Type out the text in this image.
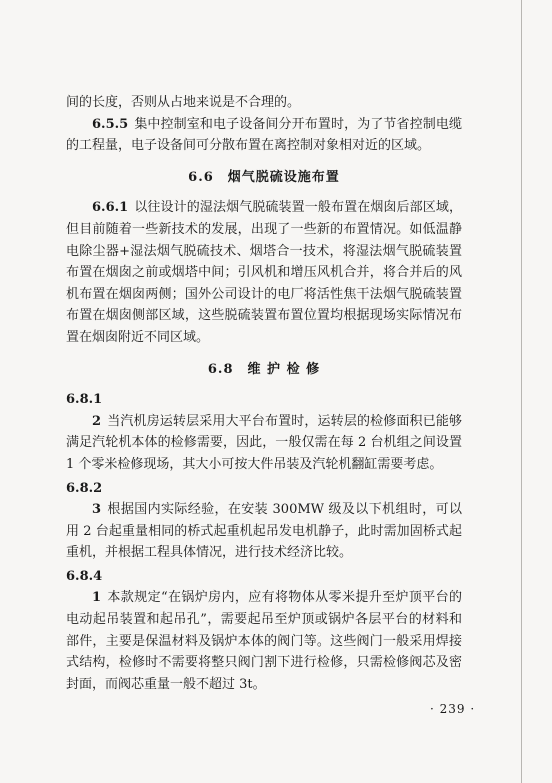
间的长度，否则从占地来说是不合理的。

6.5.5 集中控制室和电子设备间分开布置时，为了节省控制电缆的工程量，电子设备间可分散布置在离控制对象相对近的区域。

6.6 烟气脱硫设施布置

6.6.1 以往设计的湿法烟气脱硫装置一般布置在烟囱后部区域，但目前随着一些新技术的发展，出现了一些新的布置情况。如低温静电除尘器+湿法烟气脱硫技术、烟塔合一技术，将湿法烟气脱硫装置布置在烟囱之前或烟塔中间；引风机和增压风机合并，将合并后的风机布置在烟囱两侧；国外公司设计的电厂将活性焦干法烟气脱硫装置布置在烟囱侧部区域，这些脱硫装置布置位置均根据现场实际情况布置在烟囱附近不同区域。

6.8 维 护 检 修

6.8.1

2 当汽机房运转层采用大平台布置时，运转层的检修面积已能够满足汽轮机本体的检修需要，因此，一般仅需在每 2 台机组之间设置 1 个零米检修现场，其大小可按大件吊装及汽轮机翻缸需要考虑。

6.8.2

3 根据国内实际经验，在安装 300MW 级及以下机组时，可以用 2 台起重量相同的桥式起重机起吊发电机静子，此时需加固桥式起重机，并根据工程具体情况，进行技术经济比较。

6.8.4

1 本款规定“在锅炉房内，应有将物体从零米提升至炉顶平台的电动起吊装置和起吊孔”，需要起吊至炉顶或锅炉各层平台的材料和部件，主要是保温材料及锅炉本体的阀门等。这些阀门一般采用焊接式结构，检修时不需要将整只阀门割下进行检修，只需检修阀芯及密封面，而阀芯重量一般不超过 3t。

· 239 ·
